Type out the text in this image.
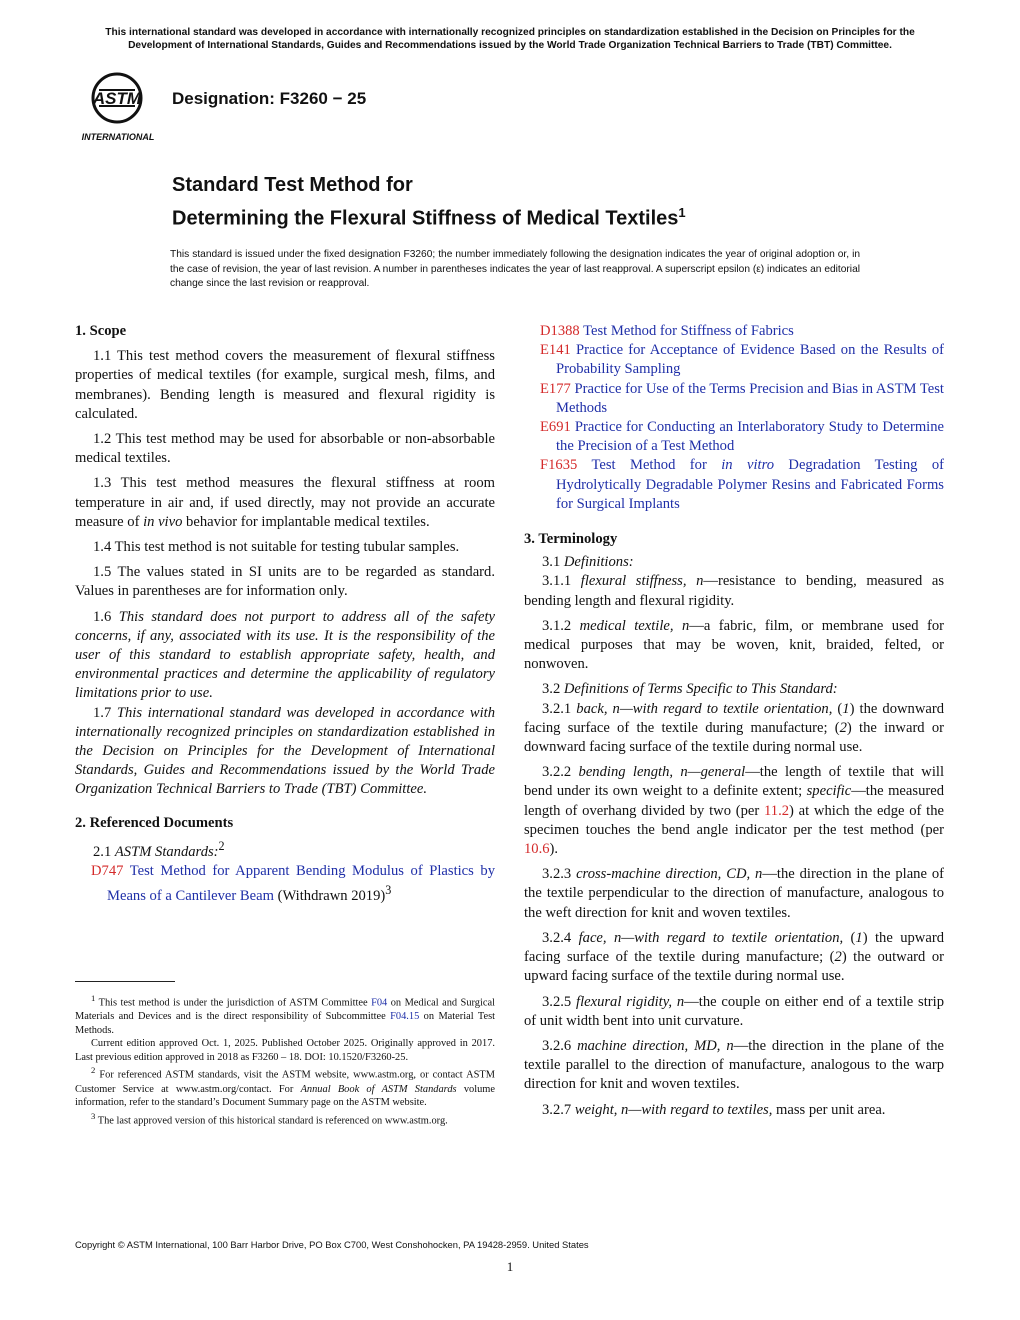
This international standard was developed in accordance with internationally recognized principles on standardization established in the Decision on Principles for the Development of International Standards, Guides and Recommendations issued by the World Trade Organization Technical Barriers to Trade (TBT) Committee.
ASTM
INTERNATIONAL
Designation: F3260 − 25
Standard Test Method for
Determining the Flexural Stiffness of Medical Textiles$^1$
This standard is issued under the fixed designation F3260; the number immediately following the designation indicates the year of original adoption or, in the case of revision, the year of last revision. A number in parentheses indicates the year of last reapproval. A superscript epsilon (ε) indicates an editorial change since the last revision or reapproval.
1. Scope

1.1 This test method covers the measurement of flexural stiffness properties of medical textiles (for example, surgical mesh, films, and membranes). Bending length is measured and flexural rigidity is calculated.

1.2 This test method may be used for absorbable or non-absorbable medical textiles.

1.3 This test method measures the flexural stiffness at room temperature in air and, if used directly, may not provide an accurate measure of in vivo behavior for implantable medical textiles.

1.4 This test method is not suitable for testing tubular samples.

1.5 The values stated in SI units are to be regarded as standard. Values in parentheses are for information only.

1.6 This standard does not purport to address all of the safety concerns, if any, associated with its use. It is the responsibility of the user of this standard to establish appropriate safety, health, and environmental practices and determine the applicability of regulatory limitations prior to use.

1.7 This international standard was developed in accordance with internationally recognized principles on standardization established in the Decision on Principles for the Development of International Standards, Guides and Recommendations issued by the World Trade Organization Technical Barriers to Trade (TBT) Committee.

2. Referenced Documents

2.1 ASTM Standards:$^2$

D747 Test Method for Apparent Bending Modulus of Plastics by Means of a Cantilever Beam (Withdrawn 2019)$^3$

$^1$ This test method is under the jurisdiction of ASTM Committee F04 on Medical and Surgical Materials and Devices and is the direct responsibility of Subcommittee F04.15 on Material Test Methods.

Current edition approved Oct. 1, 2025. Published October 2025. Originally approved in 2017. Last previous edition approved in 2018 as F3260 – 18. DOI: 10.1520/F3260-25.

$^2$ For referenced ASTM standards, visit the ASTM website, www.astm.org, or contact ASTM Customer Service at www.astm.org/contact. For Annual Book of ASTM Standards volume information, refer to the standard’s Document Summary page on the ASTM website.

$^3$ The last approved version of this historical standard is referenced on www.astm.org.

D1388 Test Method for Stiffness of Fabrics

E141 Practice for Acceptance of Evidence Based on the Results of Probability Sampling

E177 Practice for Use of the Terms Precision and Bias in ASTM Test Methods

E691 Practice for Conducting an Interlaboratory Study to Determine the Precision of a Test Method

F1635 Test Method for in vitro Degradation Testing of Hydrolytically Degradable Polymer Resins and Fabricated Forms for Surgical Implants

3. Terminology

3.1 Definitions:

3.1.1 flexural stiffness, n—resistance to bending, measured as bending length and flexural rigidity.

3.1.2 medical textile, n—a fabric, film, or membrane used for medical purposes that may be woven, knit, braided, felted, or nonwoven.

3.2 Definitions of Terms Specific to This Standard:

3.2.1 back, n—with regard to textile orientation, (1) the downward facing surface of the textile during manufacture; (2) the inward or downward facing surface of the textile during normal use.

3.2.2 bending length, n—general—the length of textile that will bend under its own weight to a definite extent; specific—the measured length of overhang divided by two (per 11.2) at which the edge of the specimen touches the bend angle indicator per the test method (per 10.6).

3.2.3 cross-machine direction, CD, n—the direction in the plane of the textile perpendicular to the direction of manufacture, analogous to the weft direction for knit and woven textiles.

3.2.4 face, n—with regard to textile orientation, (1) the upward facing surface of the textile during manufacture; (2) the outward or upward facing surface of the textile during normal use.

3.2.5 flexural rigidity, n—the couple on either end of a textile strip of unit width bent into unit curvature.

3.2.6 machine direction, MD, n—the direction in the plane of the textile parallel to the direction of manufacture, analogous to the warp direction for knit and woven textiles.

3.2.7 weight, n—with regard to textiles, mass per unit area.

Copyright © ASTM International, 100 Barr Harbor Drive, PO Box C700, West Conshohocken, PA 19428-2959. United States
1
